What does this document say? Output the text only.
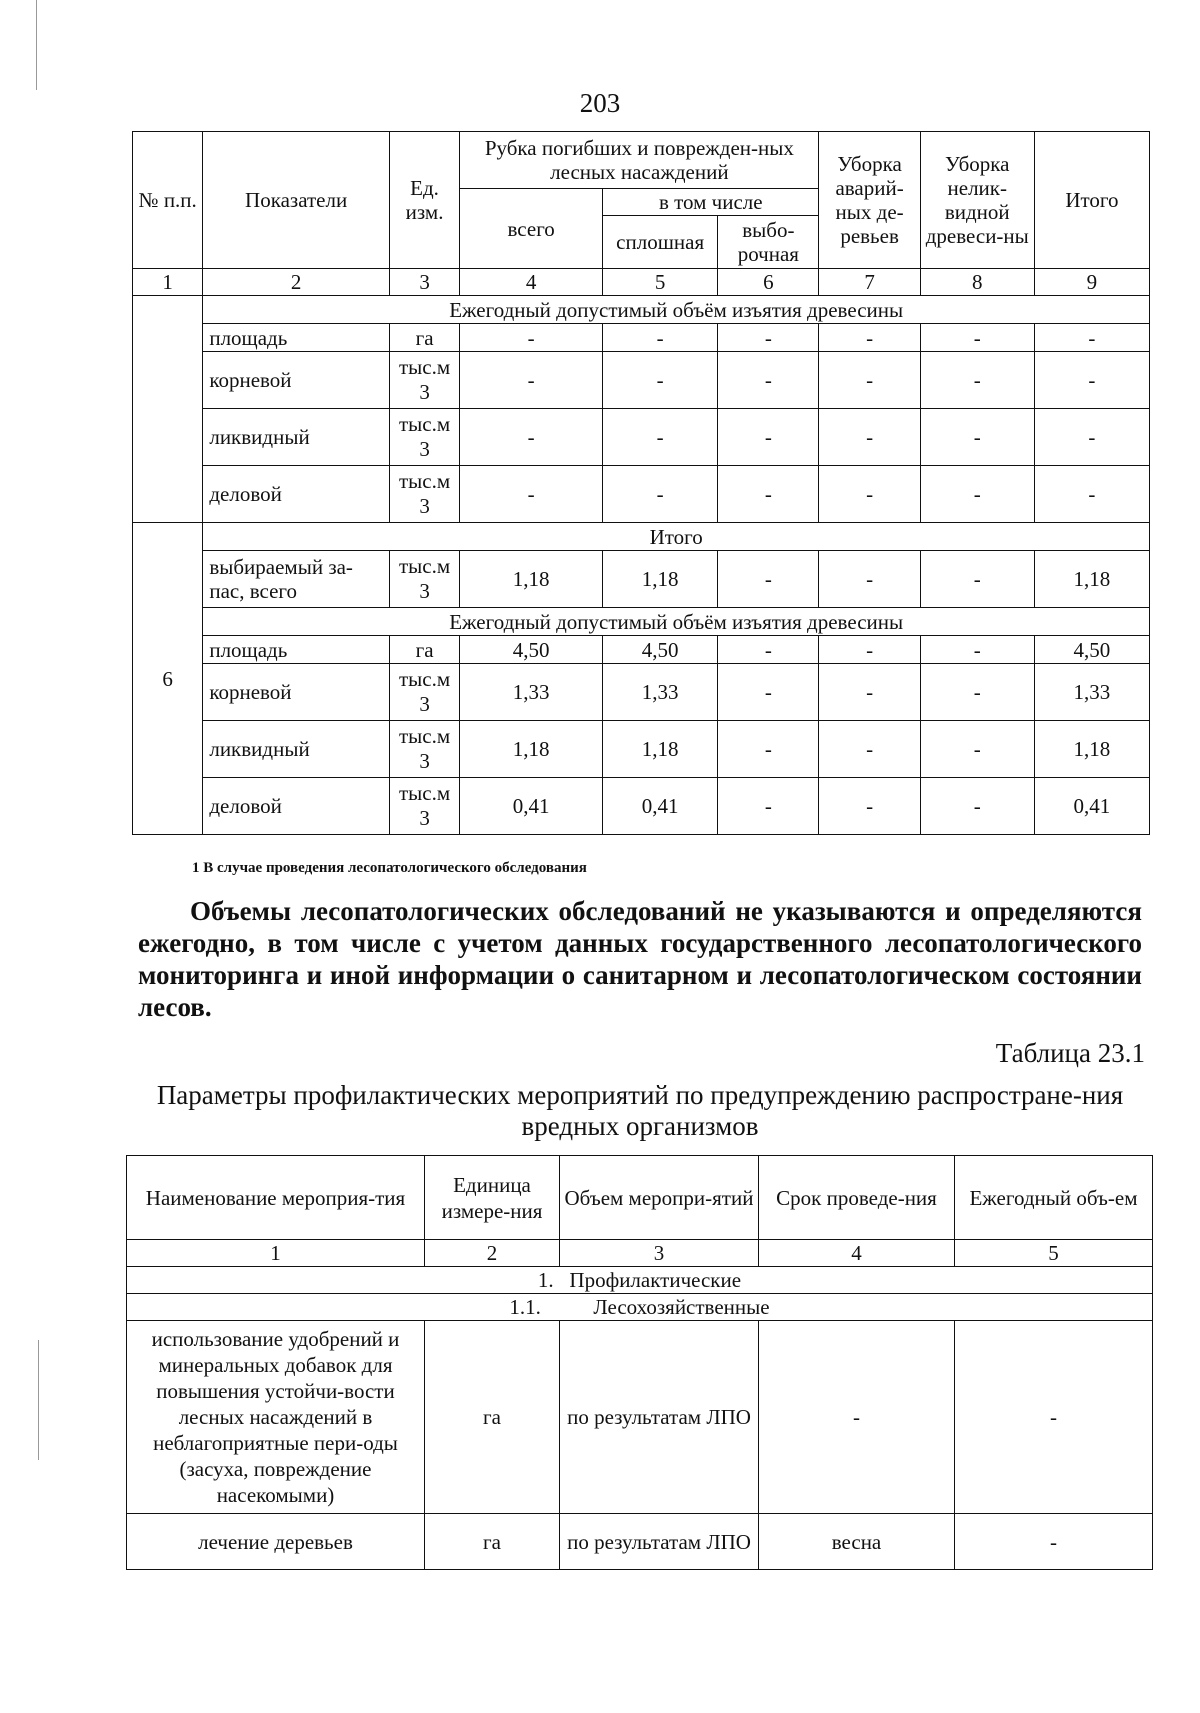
203
№ п.п.	Показатели	Ед. изм.	Рубка погибших и поврежден-ных лесных насаждений			Уборка аварий-ных де-ревьев	Уборка нелик-видной древеси-ны	Итого
			всего	в том числе				
				сплошная	выбо-рочная			
1	2	3	4	5	6	7	8	9
	Ежегодный допустимый объём изъятия древесины							
	площадь	га	-	-	-	-	-	-
	корневой	тыс.м 3	-	-	-	-	-	-
	ликвидный	тыс.м 3	-	-	-	-	-	-
	деловой	тыс.м 3	-	-	-	-	-	-
6	Итого							
	выбираемый за-пас, всего	тыс.м 3	1,18	1,18	-	-	-	1,18
	Ежегодный допустимый объём изъятия древесины							
	площадь	га	4,50	4,50	-	-	-	4,50
	корневой	тыс.м 3	1,33	1,33	-	-	-	1,33
	ликвидный	тыс.м 3	1,18	1,18	-	-	-	1,18
	деловой	тыс.м 3	0,41	0,41	-	-	-	0,41
1 В случае проведения лесопатологического обследования
Объемы лесопатологических обследований не указываются и определяются ежегодно, в том числе с учетом данных государственного лесопатологического мониторинга и иной информации о санитарном и лесопатологическом состоянии лесов.
Таблица 23.1
Параметры профилактических мероприятий по предупреждению распростране-ния вредных организмов
Наименование мероприя-тия	Единица измере-ния	Объем меропри-ятий	Срок проведе-ния	Ежегодный объ-ем
1	2	3	4	5
1.   Профилактические				
1.1.          Лесохозяйственные				
использование удобрений и минеральных добавок для повышения устойчи-вости лесных насаждений в неблагоприятные пери-оды (засуха, повреждение насекомыми)	га	по результатам ЛПО	-	-
лечение деревьев	га	по результатам ЛПО	весна	-
